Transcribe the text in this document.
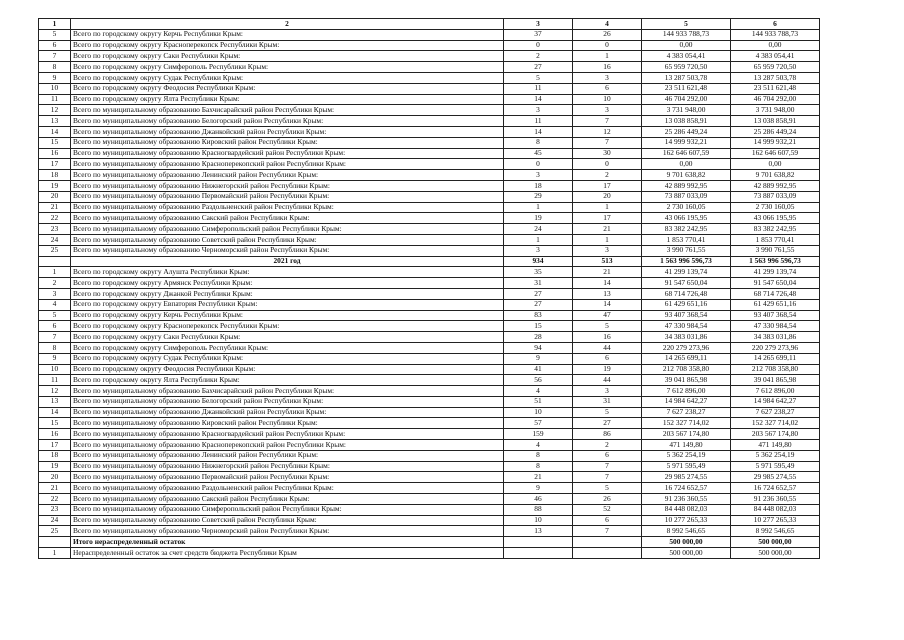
1	2	3	4	5	6
5	Всего по городскому округу Керчь Республики Крым:	37	26	144 933 788,73	144 933 788,73
6	Всего по городскому округу Красноперекопск Республики Крым:	0	0	0,00	0,00
7	Всего по городскому округу Саки Республики Крым:	2	1	4 383 054,41	4 383 054,41
8	Всего по городскому округу Симферополь Республики Крым:	27	16	65 959 720,50	65 959 720,50
9	Всего по городскому округу Судак Республики Крым:	5	3	13 287 503,78	13 287 503,78
10	Всего по городскому округу Феодосия Республики Крым:	11	6	23 511 621,48	23 511 621,48
11	Всего по городскому округу Ялта Республики Крым:	14	10	46 704 292,00	46 704 292,00
12	Всего по муниципальному образованию Бахчисарайский район Республики Крым:	3	3	3 731 948,00	3 731 948,00
13	Всего по муниципальному образованию Белогорский район Республики Крым:	11	7	13 038 858,91	13 038 858,91
14	Всего по муниципальному образованию Джанкойский район Республики Крым:	14	12	25 286 449,24	25 286 449,24
15	Всего по муниципальному образованию Кировский район Республики Крым:	8	7	14 999 932,21	14 999 932,21
16	Всего по муниципальному образованию Красногвардейский район Республики Крым:	45	30	162 646 607,59	162 646 607,59
17	Всего по муниципальному образованию Красноперекопский район Республики Крым:	0	0	0,00	0,00
18	Всего по муниципальному образованию Ленинский район Республики Крым:	3	2	9 701 638,82	9 701 638,82
19	Всего по муниципальному образованию Нижнегорский район Республики Крым:	18	17	42 889 992,95	42 889 992,95
20	Всего по муниципальному образованию Первомайский район Республики Крым:	29	20	73 887 033,09	73 887 033,09
21	Всего по муниципальному образованию Раздольненский район Республики Крым:	1	1	2 730 160,05	2 730 160,05
22	Всего по муниципальному образованию Сакский район Республики Крым:	19	17	43 066 195,95	43 066 195,95
23	Всего по муниципальному образованию Симферопольский район Республики Крым:	24	21	83 382 242,95	83 382 242,95
24	Всего по муниципальному образованию Советский район Республики Крым:	1	1	1 853 770,41	1 853 770,41
25	Всего по муниципальному образованию Черноморский район Республики Крым:	3	3	3 990 761,55	3 990 761,55
	2021 год	934	513	1 563 996 596,73	1 563 996 596,73
1	Всего по городскому округу Алушта Республики Крым:	35	21	41 299 139,74	41 299 139,74
2	Всего по городскому округу Армянск Республики Крым:	31	14	91 547 650,04	91 547 650,04
3	Всего по городскому округу Джанкой Республики Крым:	27	13	68 714 726,48	68 714 726,48
4	Всего по городскому округу Евпатория Республики Крым:	27	14	61 429 651,16	61 429 651,16
5	Всего по городскому округу Керчь Республики Крым:	83	47	93 407 368,54	93 407 368,54
6	Всего по городскому округу Красноперекопск Республики Крым:	15	5	47 330 984,54	47 330 984,54
7	Всего по городскому округу Саки Республики Крым:	28	16	34 383 031,86	34 383 031,86
8	Всего по городскому округу Симферополь Республики Крым:	94	44	220 279 273,96	220 279 273,96
9	Всего по городскому округу Судак Республики Крым:	9	6	14 265 699,11	14 265 699,11
10	Всего по городскому округу Феодосия Республики Крым:	41	19	212 708 358,80	212 708 358,80
11	Всего по городскому округу Ялта Республики Крым:	56	44	39 041 865,98	39 041 865,98
12	Всего по муниципальному образованию Бахчисарайский район Республики Крым:	4	3	7 612 896,00	7 612 896,00
13	Всего по муниципальному образованию Белогорский район Республики Крым:	51	31	14 984 642,27	14 984 642,27
14	Всего по муниципальному образованию Джанкойский район Республики Крым:	10	5	7 627 238,27	7 627 238,27
15	Всего по муниципальному образованию Кировский район Республики Крым:	57	27	152 327 714,02	152 327 714,02
16	Всего по муниципальному образованию Красногвардейский район Республики Крым:	159	86	203 567 174,80	203 567 174,80
17	Всего по муниципальному образованию Красноперекопский район Республики Крым:	4	2	471 149,80	471 149,80
18	Всего по муниципальному образованию Ленинский район Республики Крым:	8	6	5 362 254,19	5 362 254,19
19	Всего по муниципальному образованию Нижнегорский район Республики Крым:	8	7	5 971 595,49	5 971 595,49
20	Всего по муниципальному образованию Первомайский район Республики Крым:	21	7	29 985 274,55	29 985 274,55
21	Всего по муниципальному образованию Раздольненский район Республики Крым:	9	5	16 724 652,57	16 724 652,57
22	Всего по муниципальному образованию Сакский район Республики Крым:	46	26	91 236 360,55	91 236 360,55
23	Всего по муниципальному образованию Симферопольский район Республики Крым:	88	52	84 448 082,03	84 448 082,03
24	Всего по муниципальному образованию Советский район Республики Крым:	10	6	10 277 265,33	10 277 265,33
25	Всего по муниципальному образованию Черноморский район Республики Крым:	13	7	8 992 546,65	8 992 546,65
	Итого нераспределенный остаток			500 000,00	500 000,00
1	Нераспределенный остаток за счет средств бюджета Республики Крым			500 000,00	500 000,00
